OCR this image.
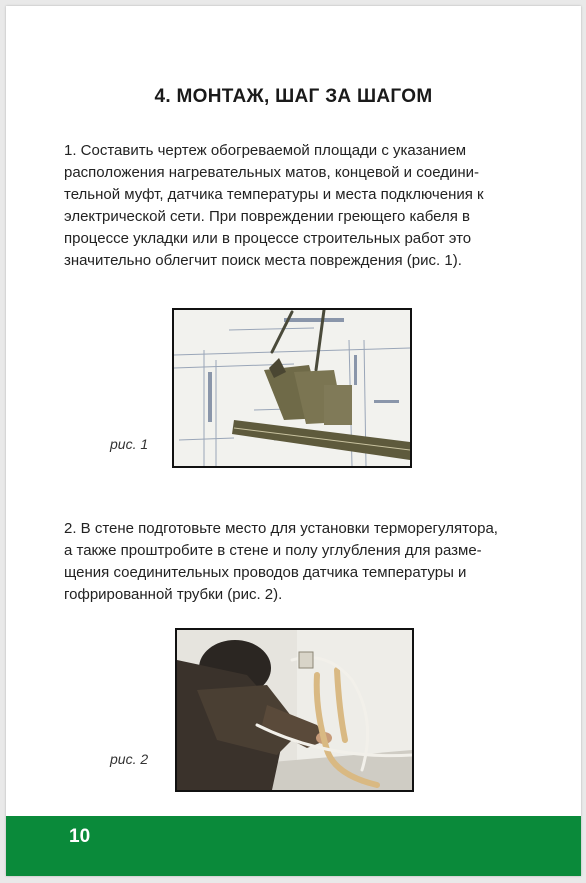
4. МОНТАЖ, ШАГ ЗА ШАГОМ
1. Составить чертеж обогреваемой площади с указанием
расположения нагревательных матов, концевой и соедини-
тельной муфт, датчика температуры и места подключения к
электрической сети. При повреждении греющего кабеля в
процессе укладки или в процессе строительных работ это
значительно облегчит поиск места повреждения (рис. 1).
рис. 1
2. В стене подготовьте место для установки терморегулятора,
а также проштробите в стене и полу углубления для разме-
щения соединительных проводов датчика температуры и
гофрированной трубки (рис. 2).
рис. 2
10
